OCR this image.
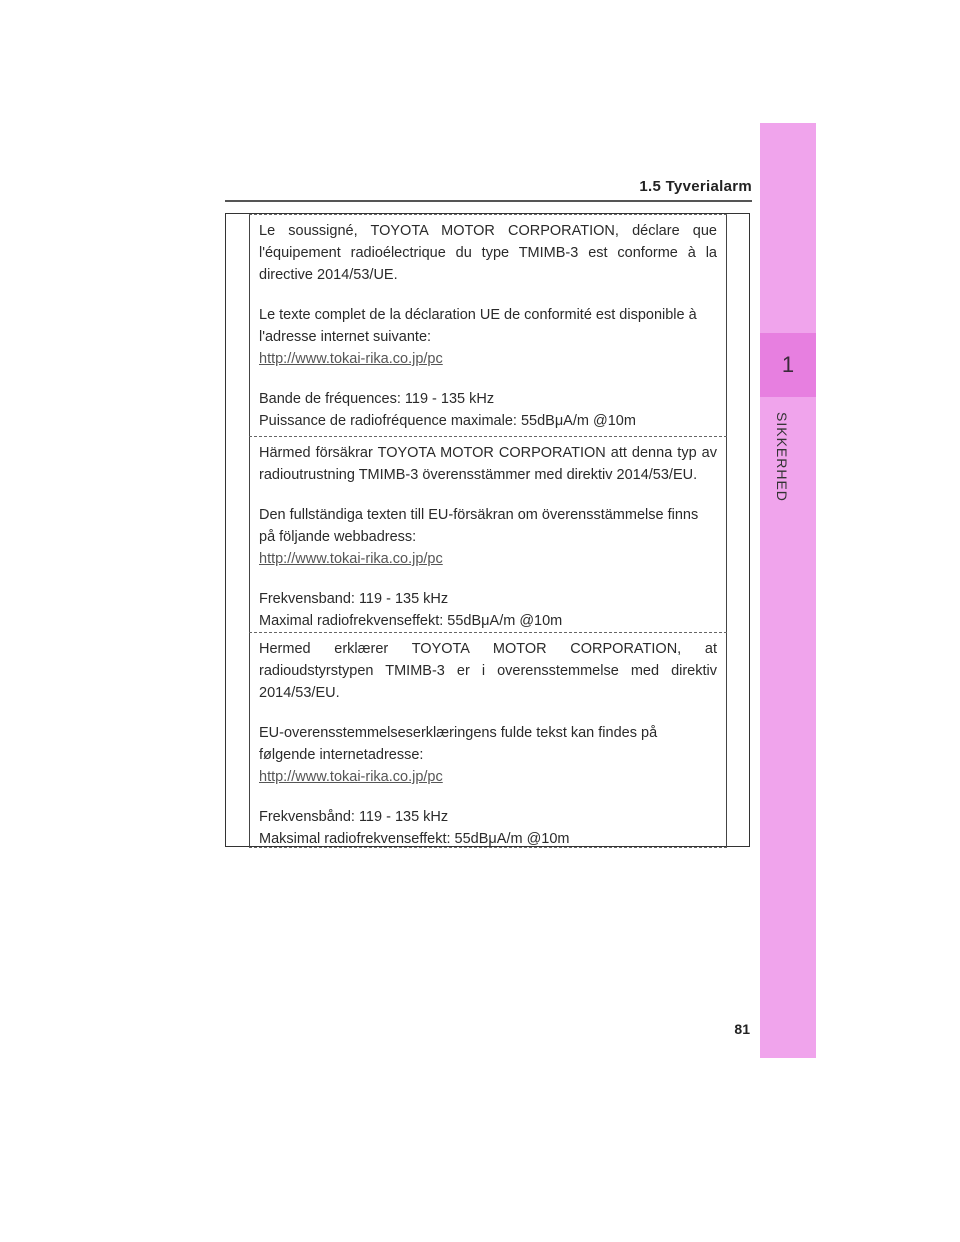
1
SIKKERHED
1.5 Tyverialarm

Le soussigné, TOYOTA MOTOR CORPORATION, déclare que l'équipement radioélectrique du type TMIMB-3 est conforme à la directive 2014/53/UE.

Le texte complet de la déclaration UE de conformité est disponible à l'adresse internet suivante:
http://www.tokai-rika.co.jp/pc

Bande de fréquences: 119 - 135 kHz
Puissance de radiofréquence maximale: 55dBμA/m @10m

Härmed försäkrar TOYOTA MOTOR CORPORATION att denna typ av radioutrustning TMIMB-3 överensstämmer med direktiv 2014/53/EU.

Den fullständiga texten till EU-försäkran om överensstämmelse finns på följande webbadress:
http://www.tokai-rika.co.jp/pc

Frekvensband: 119 - 135 kHz
Maximal radiofrekvenseffekt: 55dBμA/m @10m

Hermed erklærer TOYOTA MOTOR CORPORATION, at radioudstyrstypen TMIMB-3 er i overensstemmelse med direktiv 2014/53/EU.

EU-overensstemmelseserklæringens fulde tekst kan findes på følgende internetadresse:
http://www.tokai-rika.co.jp/pc

Frekvensbånd: 119 - 135 kHz
Maksimal radiofrekvenseffekt: 55dBμA/m @10m

81
